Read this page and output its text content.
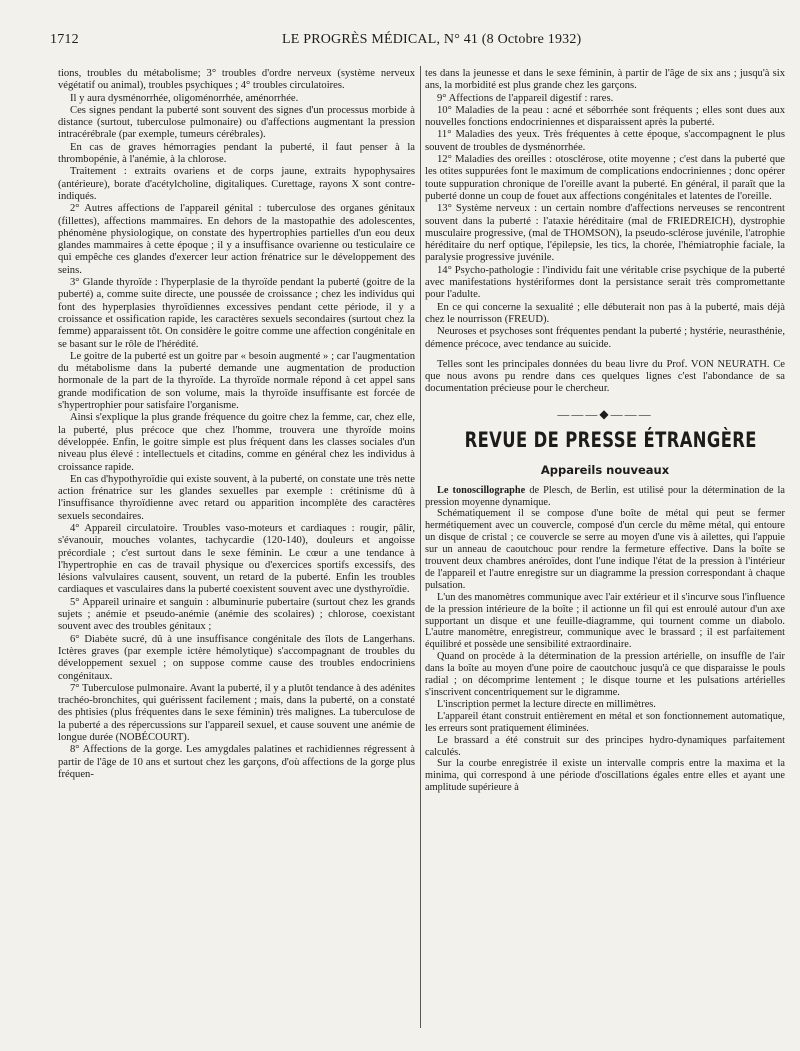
1712	LE PROGRÈS MÉDICAL, N° 41 (8 Octobre 1932)

tions, troubles du métabolisme; 3° troubles d'ordre nerveux (système nerveux végétatif ou animal), troubles psychiques ; 4° troubles circulatoires.

Il y aura dysménorrhée, oligoménorrhée, aménorrhée.

Ces signes pendant la puberté sont souvent des signes d'un processus morbide à distance (surtout, tuberculose pulmonaire) ou d'affections augmentant la pression intracérébrale (par exemple, tumeurs cérébrales).

En cas de graves hémorragies pendant la puberté, il faut penser à la thrombopénie, à l'anémie, à la chlorose.

Traitement : extraits ovariens et de corps jaune, extraits hypophysaires (antérieure), borate d'acétylcholine, digitaliques. Curettage, rayons X sont contre-indiqués.

2° Autres affections de l'appareil génital : tuberculose des organes génitaux (fillettes), affections mammaires. En dehors de la mastopathie des adolescentes, phénomène physiologique, on constate des hypertrophies partielles d'un eou deux glandes mammaires à cette époque ; il y a insuffisance ovarienne ou testiculaire ce qui empêche ces glandes d'exercer leur action frénatrice sur le développement des seins.

3° Glande thyroïde : l'hyperplasie de la thyroïde pendant la puberté (goitre de la puberté) a, comme suite directe, une poussée de croissance ; chez les individus qui font des hyperplasies thyroïdiennes excessives pendant cette période, il y a croissance et ossification rapide, les caractères sexuels secondaires (surtout chez la femme) apparaissent tôt. On considère le goitre comme une affection congénitale en se basant sur le rôle de l'hérédité.

Le goitre de la puberté est un goitre par « besoin augmenté » ; car l'augmentation du métabolisme dans la puberté demande une augmentation de production hormonale de la part de la thyroïde. La thyroïde normale répond à cet appel sans grande modification de son volume, mais la thyroïde insuffisante est forcée de s'hypertrophier pour satisfaire l'organisme.

Ainsi s'explique la plus grande fréquence du goitre chez la femme, car, chez elle, la puberté, plus précoce que chez l'homme, trouvera une thyroïde moins développée. Enfin, le goitre simple est plus fréquent dans les classes sociales d'un niveau plus élevé : intellectuels et citadins, comme en général chez les individus à croissance rapide.

En cas d'hypothyroïdie qui existe souvent, à la puberté, on constate une très nette action frénatrice sur les glandes sexuelles par exemple : crétinisme dû à l'insuffisance thyroïdienne avec retard ou apparition incomplète des caractères sexuels secondaires.

4° Appareil circulatoire. Troubles vaso-moteurs et cardiaques : rougir, pâlir, s'évanouir, mouches volantes, tachycardie (120-140), douleurs et angoisse précordiale ; c'est surtout dans le sexe féminin. Le cœur a une tendance à l'hypertrophie en cas de travail physique ou d'exercices sportifs excessifs, des lésions valvulaires causent, souvent, un retard de la puberté. Enfin les troubles cardiaques et vasculaires dans la puberté coexistent souvent avec une dysthyroïdie.

5° Appareil urinaire et sanguin : albuminurie pubertaire (surtout chez les grands sujets ; anémie et pseudo-anémie (anémie des scolaires) ; chlorose, coexistant souvent avec des troubles génitaux ;

6° Diabète sucré, dû à une insuffisance congénitale des îlots de Langerhans. Ictères graves (par exemple ictère hémolytique) s'accompagnant de troubles du développement sexuel ; on suppose comme cause des troubles endocriniens congénitaux.

7° Tuberculose pulmonaire. Avant la puberté, il y a plutôt tendance à des adénites trachéo-bronchites, qui guérissent facilement ; mais, dans la puberté, on a constaté des phtisies (plus fréquentes dans le sexe féminin) très malignes. La tuberculose de la puberté a des répercussions sur l'appareil sexuel, et cause souvent une anémie de longue durée (NOBÉCOURT).

8° Affections de la gorge. Les amygdales palatines et rachidiennes régressent à partir de l'âge de 10 ans et surtout chez les garçons, d'où affections de la gorge plus fréquen-

tes dans la jeunesse et dans le sexe féminin, à partir de l'âge de six ans ; jusqu'à six ans, la morbidité est plus grande chez les garçons.

9° Affections de l'appareil digestif : rares.

10° Maladies de la peau : acné et séborrhée sont fréquents ; elles sont dues aux nouvelles fonctions endocriniennes et disparaissent après la puberté.

11° Maladies des yeux. Très fréquentes à cette époque, s'accompagnent le plus souvent de troubles de dysménorrhée.

12° Maladies des oreilles : otosclérose, otite moyenne ; c'est dans la puberté que les otites suppurées font le maximum de complications endocriniennes ; donc opérer toute suppuration chronique de l'oreille avant la puberté. En général, il paraît que la puberté donne un coup de fouet aux affections congénitales et latentes de l'oreille.

13° Système nerveux : un certain nombre d'affections nerveuses se rencontrent souvent dans la puberté : l'ataxie héréditaire (mal de FRIEDREICH), dystrophie musculaire progressive, (mal de THOMSON), la pseudo-sclérose juvénile, l'atrophie héréditaire du nerf optique, l'épilepsie, les tics, la chorée, l'hémiatrophie faciale, la paralysie progressive juvénile.

14° Psycho-pathologie : l'individu fait une véritable crise psychique de la puberté avec manifestations hystériformes dont la persistance serait très compromettante pour l'adulte.

En ce qui concerne la sexualité ; elle débuterait non pas à la puberté, mais déjà chez le nourrisson (FREUD).

Neuroses et psychoses sont fréquentes pendant la puberté ; hystérie, neurasthénie, démence précoce, avec tendance au suicide.

Telles sont les principales données du beau livre du Prof. VON NEURATH. Ce que nous avons pu rendre dans ces quelques lignes c'est l'abondance de sa documentation précieuse pour le chercheur.

———◆———
REVUE DE PRESSE ÉTRANGÈRE
Appareils nouveaux

Le tonoscillographe de Plesch, de Berlin, est utilisé pour la détermination de la pression moyenne dynamique.

Schématiquement il se compose d'une boîte de métal qui peut se fermer hermétiquement avec un couvercle, composé d'un cercle du même métal, qui entoure un disque de cristal ; ce couvercle se serre au moyen d'une vis à ailettes, qui l'appuie sur un anneau de caoutchouc pour rendre la fermeture effective. Dans la boîte se trouvent deux chambres anéroïdes, dont l'une indique l'état de la pression à l'intérieur de l'appareil et l'autre enregistre sur un diagramme la pression correspondant à chaque pulsation.

L'un des manomètres communique avec l'air extérieur et il s'incurve sous l'influence de la pression intérieure de la boîte ; il actionne un fil qui est enroulé autour d'un axe supportant un disque et une feuille-diagramme, qui tournent comme un diabolo. L'autre manomètre, enregistreur, communique avec le brassard ; il est parfaitement équilibré et possède une sensibilité extraordinaire.

Quand on procède à la détermination de la pression artérielle, on insuffle de l'air dans la boîte au moyen d'une poire de caoutchouc jusqu'à ce que disparaisse le pouls radial ; on décomprime lentement ; le disque tourne et les pulsations artérielles s'inscrivent concentriquement sur le digramme.

L'inscription permet la lecture directe en millimètres.

L'appareil étant construit entièrement en métal et son fonctionnement automatique, les erreurs sont pratiquement éliminées.

Le brassard a été construit sur des principes hydro-dynamiques parfaitement calculés.

Sur la courbe enregistrée il existe un intervalle compris entre la maxima et la minima, qui correspond à une période d'oscillations égales entre elles et ayant une amplitude supérieure à
